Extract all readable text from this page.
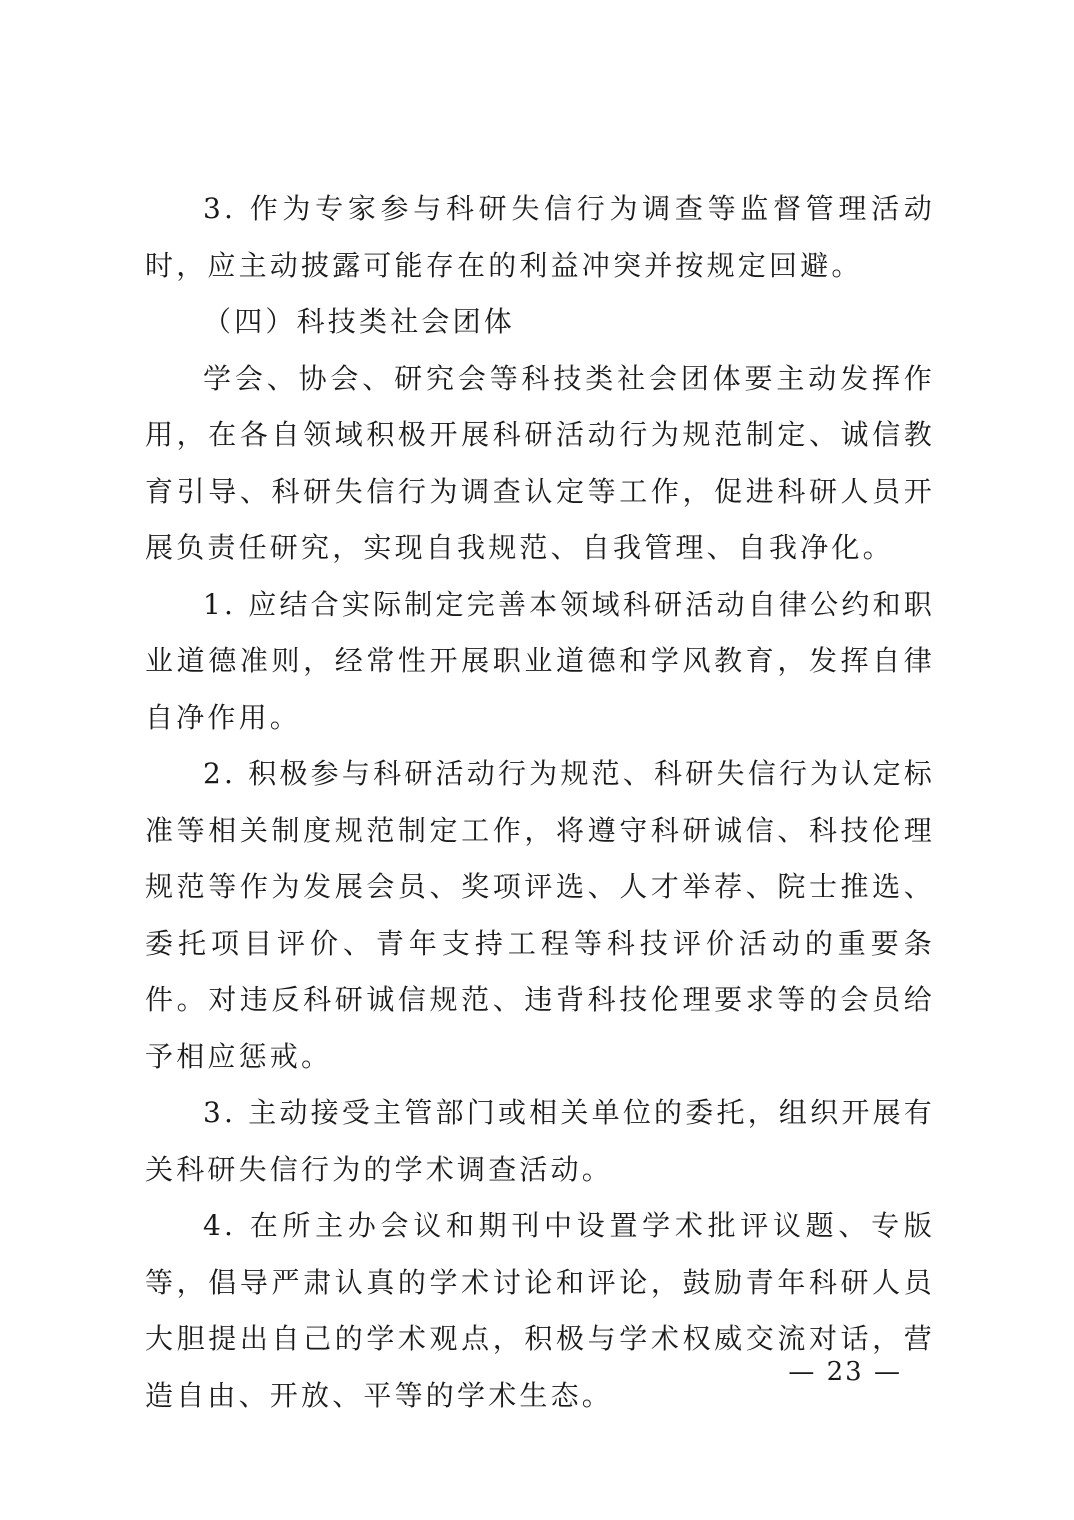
3. 作为专家参与科研失信行为调查等监督管理活动时，应主动披露可能存在的利益冲突并按规定回避。

（四）科技类社会团体

学会、协会、研究会等科技类社会团体要主动发挥作用，在各自领域积极开展科研活动行为规范制定、诚信教育引导、科研失信行为调查认定等工作，促进科研人员开展负责任研究，实现自我规范、自我管理、自我净化。

1. 应结合实际制定完善本领域科研活动自律公约和职业道德准则，经常性开展职业道德和学风教育，发挥自律自净作用。

2. 积极参与科研活动行为规范、科研失信行为认定标准等相关制度规范制定工作，将遵守科研诚信、科技伦理规范等作为发展会员、奖项评选、人才举荐、院士推选、委托项目评价、青年支持工程等科技评价活动的重要条件。对违反科研诚信规范、违背科技伦理要求等的会员给予相应惩戒。

3. 主动接受主管部门或相关单位的委托，组织开展有关科研失信行为的学术调查活动。

4. 在所主办会议和期刊中设置学术批评议题、专版等，倡导严肃认真的学术讨论和评论，鼓励青年科研人员大胆提出自己的学术观点，积极与学术权威交流对话，营造自由、开放、平等的学术生态。

— 23 —
